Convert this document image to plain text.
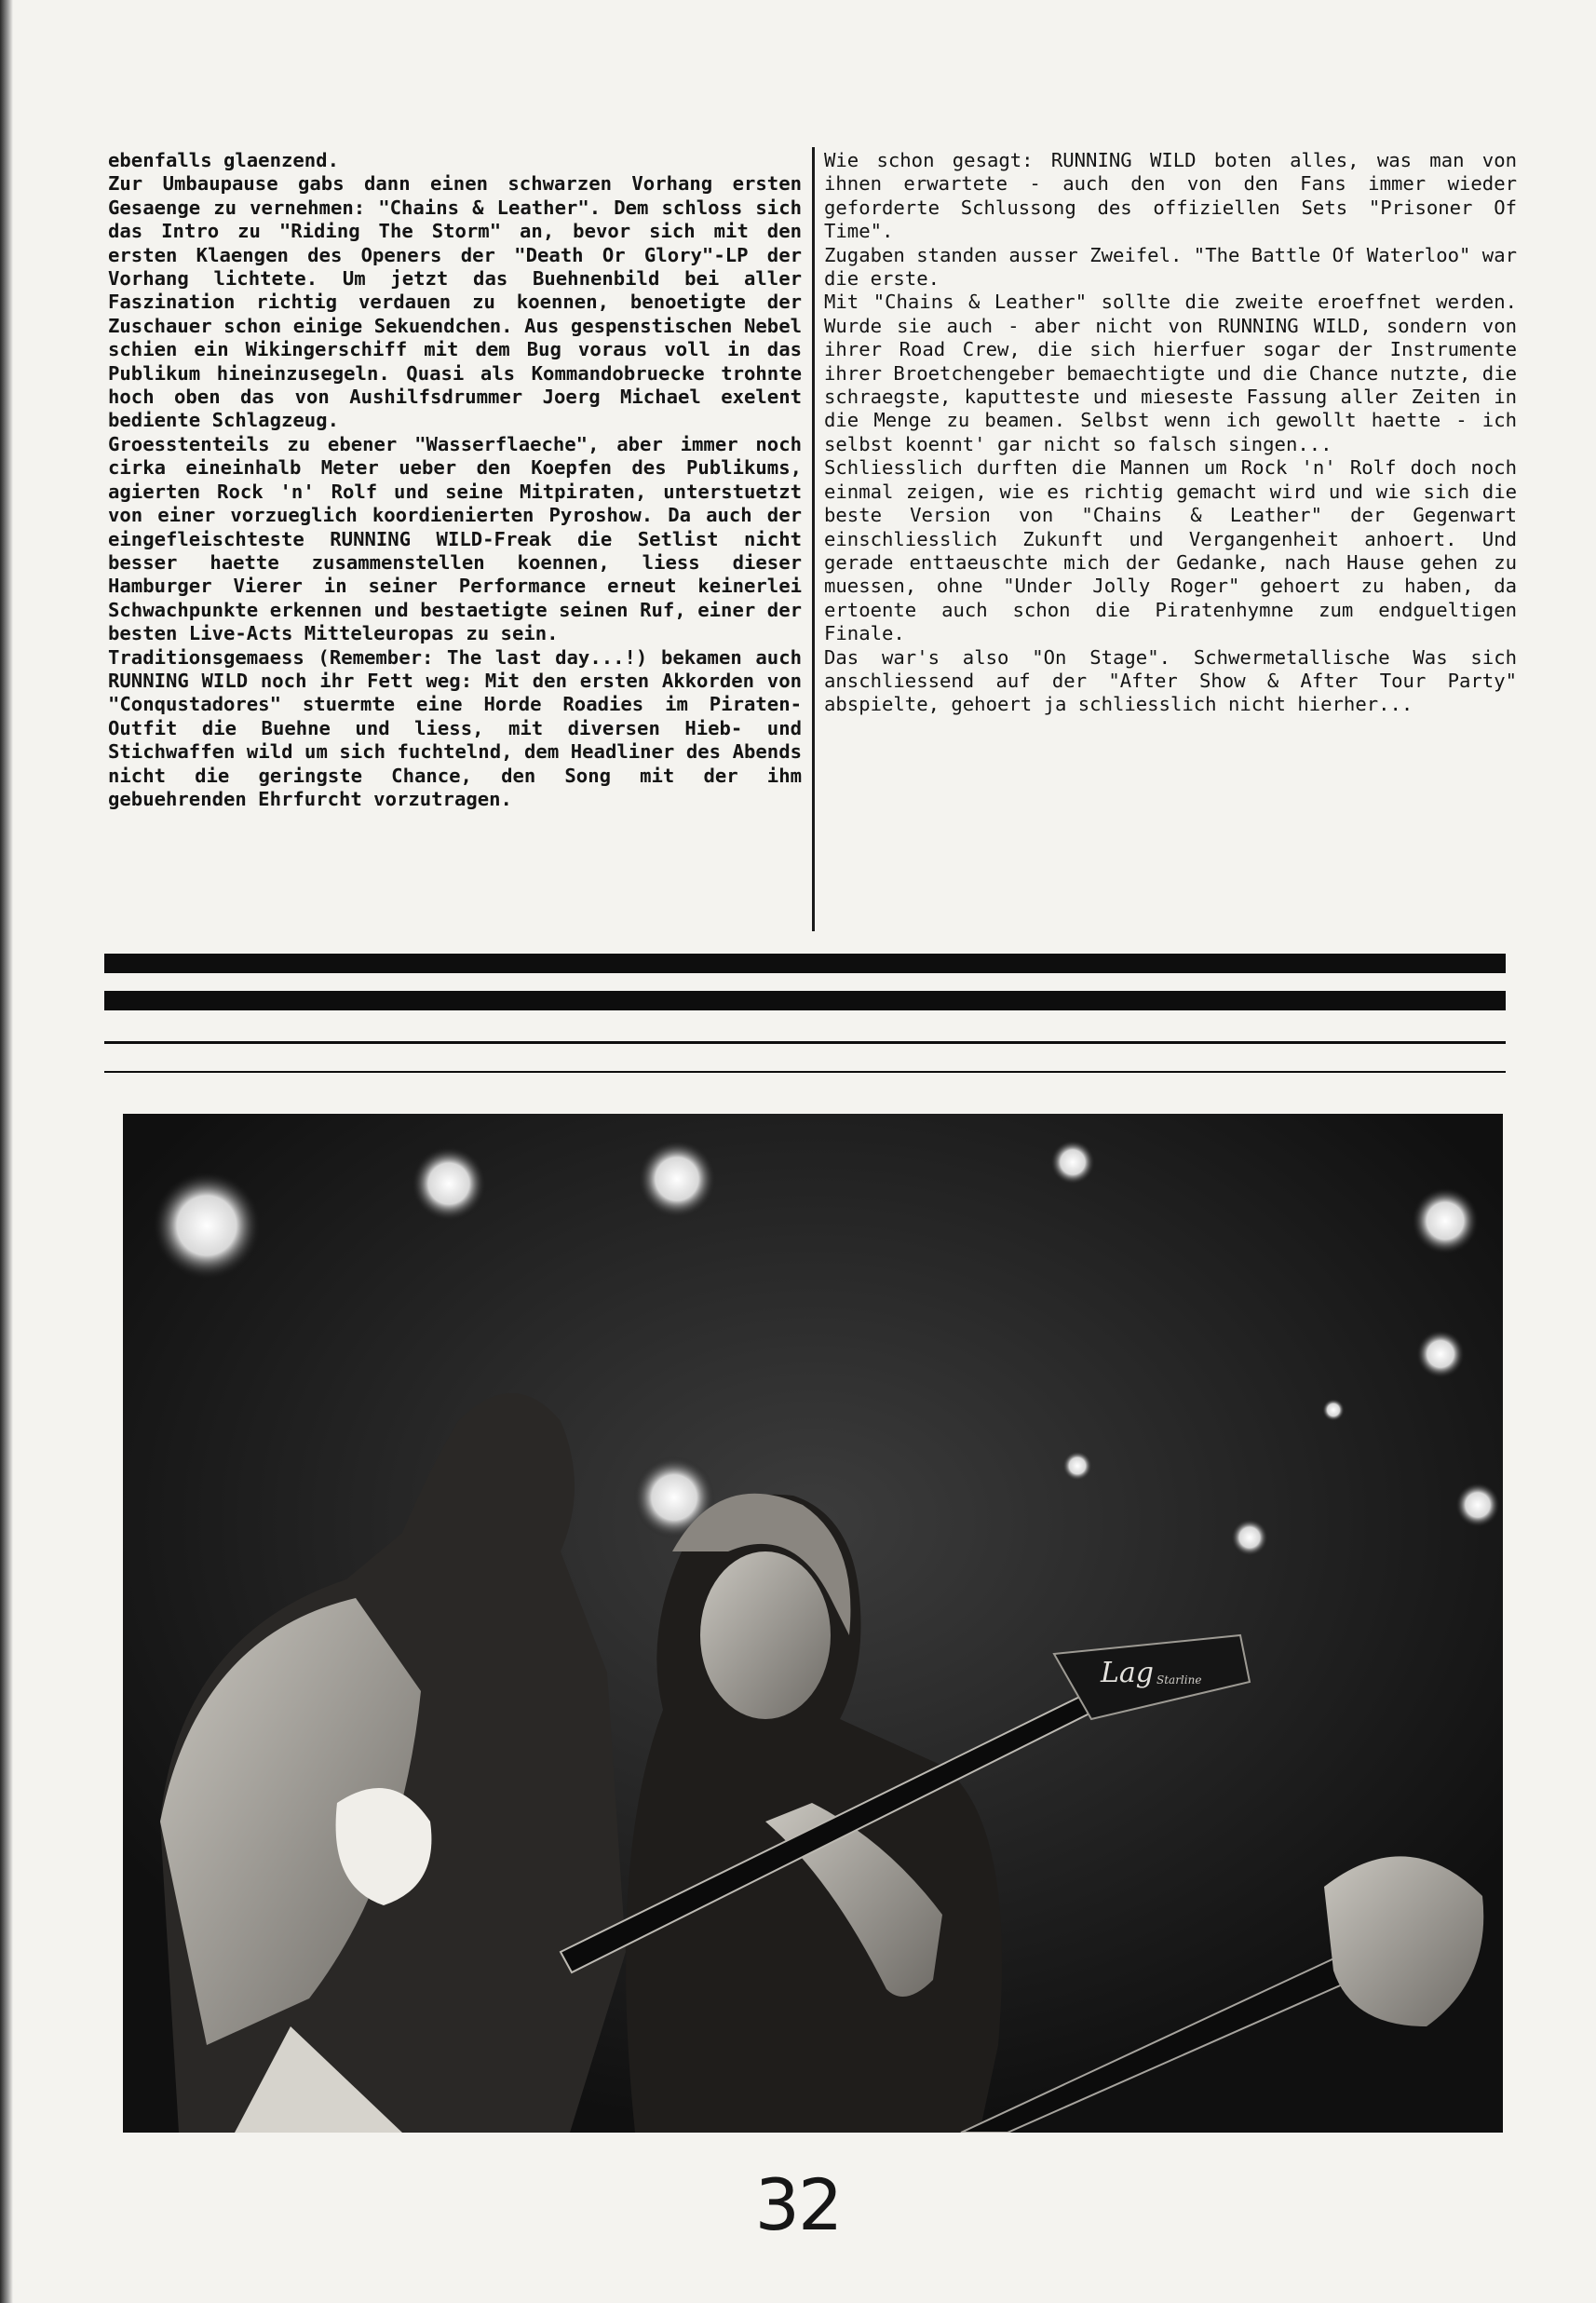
ebenfalls glaenzend.

Zur Umbaupause gabs dann einen schwarzen Vorhang ersten Gesaenge zu vernehmen: "Chains & Leather". Dem schloss sich das Intro zu "Riding The Storm" an, bevor sich mit den ersten Klaengen des Openers der "Death Or Glory"-LP der Vorhang lichtete. Um jetzt das Buehnenbild bei aller Faszination richtig verdauen zu koennen, benoetigte der Zuschauer schon einige Sekuendchen. Aus gespenstischen Nebel schien ein Wikingerschiff mit dem Bug voraus voll in das Publikum hineinzusegeln. Quasi als Kommandobruecke trohnte hoch oben das von Aushilfsdrummer Joerg Michael exelent bediente Schlagzeug.

Groesstenteils zu ebener "Wasserflaeche", aber immer noch cirka eineinhalb Meter ueber den Koepfen des Publikums, agierten Rock 'n' Rolf und seine Mitpiraten, unterstuetzt von einer vorzueglich koordienierten Pyroshow. Da auch der eingefleischteste RUNNING WILD-Freak die Setlist nicht besser haette zusammenstellen koennen, liess dieser Hamburger Vierer in seiner Performance erneut keinerlei Schwachpunkte erkennen und bestaetigte seinen Ruf, einer der besten Live-Acts Mitteleuropas zu sein.

Traditionsgemaess (Remember: The last day...!) bekamen auch RUNNING WILD noch ihr Fett weg: Mit den ersten Akkorden von "Conqustadores" stuermte eine Horde Roadies im Piraten-Outfit die Buehne und liess, mit diversen Hieb- und Stichwaffen wild um sich fuchtelnd, dem Headliner des Abends nicht die geringste Chance, den Song mit der ihm gebuehrenden Ehrfurcht vorzutragen.

Wie schon gesagt: RUNNING WILD boten alles, was man von ihnen erwartete - auch den von den Fans immer wieder geforderte Schlussong des offiziellen Sets "Prisoner Of Time".

Zugaben standen ausser Zweifel. "The Battle Of Waterloo" war die erste.

Mit "Chains & Leather" sollte die zweite eroeffnet werden. Wurde sie auch - aber nicht von RUNNING WILD, sondern von ihrer Road Crew, die sich hierfuer sogar der Instrumente ihrer Broetchengeber bemaechtigte und die Chance nutzte, die schraegste, kaputteste und mieseste Fassung aller Zeiten in die Menge zu beamen. Selbst wenn ich gewollt haette - ich selbst koennt' gar nicht so falsch singen...

Schliesslich durften die Mannen um Rock 'n' Rolf doch noch einmal zeigen, wie es richtig gemacht wird und wie sich die beste Version von "Chains & Leather" der Gegenwart einschliesslich Zukunft und Vergangenheit anhoert. Und gerade enttaeuschte mich der Gedanke, nach Hause gehen zu muessen, ohne "Under Jolly Roger" gehoert zu haben, da ertoente auch schon die Piratenhymne zum endgueltigen Finale.

Das war's also "On Stage". Schwermetallische Was sich anschliessend auf der "After Show & After Tour Party" abspielte, gehoert ja schliesslich nicht hierher...

Lag Starline
32
